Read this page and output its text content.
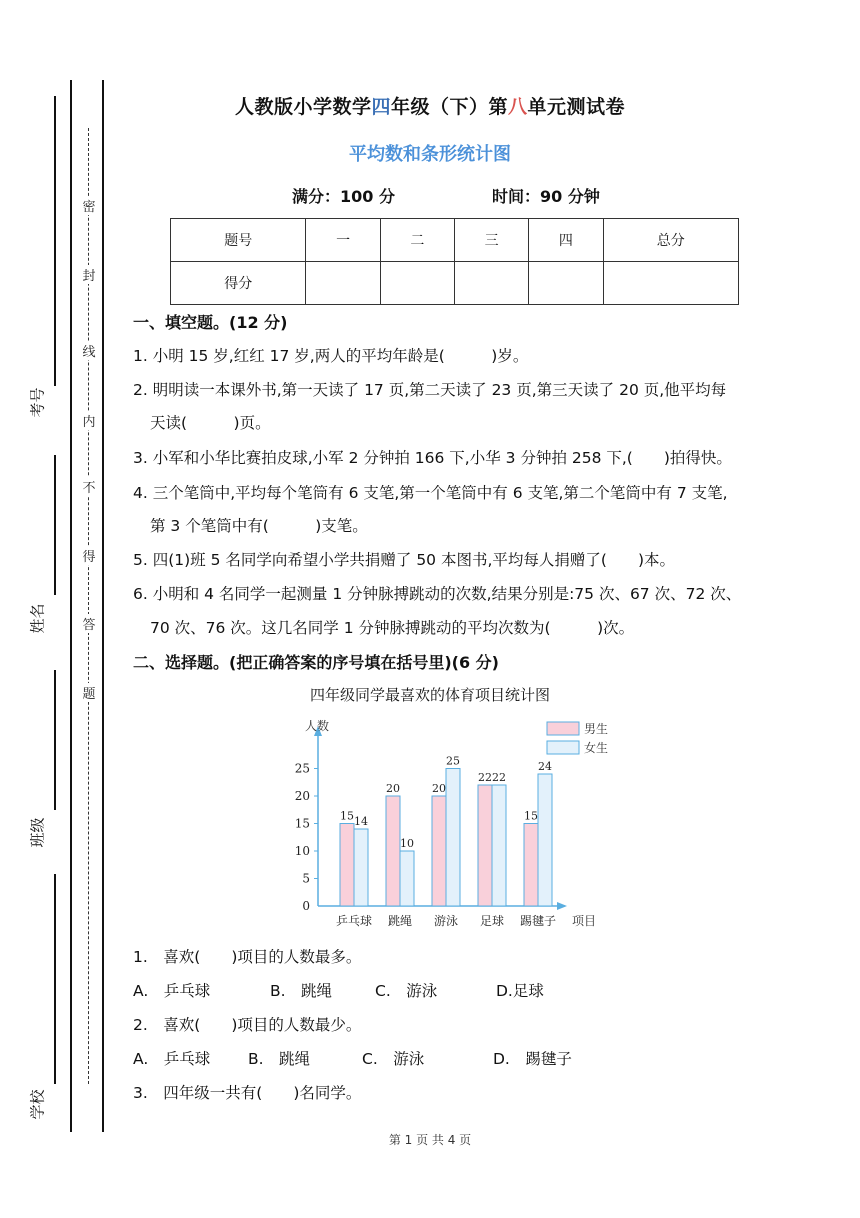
密
封
线
内
不
得
答
题
考号
姓名
班级
学校
人教版小学数学四年级（下）第八单元测试卷
平均数和条形统计图
满分：100 分	时间：90 分钟
题号	一	二	三	四	总分
得分					
一、填空题。(12 分)
1. 小明 15 岁,红红 17 岁,两人的平均年龄是(　　　)岁。
2. 明明读一本课外书,第一天读了 17 页,第二天读了 23 页,第三天读了 20 页,他平均每
天读(　　　)页。
3. 小军和小华比赛拍皮球,小军 2 分钟拍 166 下,小华 3 分钟拍 258 下,(　　)拍得快。
4. 三个笔筒中,平均每个笔筒有 6 支笔,第一个笔筒中有 6 支笔,第二个笔筒中有 7 支笔,
第 3 个笔筒中有(　　　)支笔。
5. 四(1)班 5 名同学向希望小学共捐赠了 50 本图书,平均每人捐赠了(　　)本。
6. 小明和 4 名同学一起测量 1 分钟脉搏跳动的次数,结果分别是:75 次、67 次、72 次、
70 次、76 次。这几名同学 1 分钟脉搏跳动的平均次数为(　　　)次。
二、选择题。(把正确答案的序号填在括号里)(6 分)
四年级同学最喜欢的体育项目统计图
人数
项目
0
5
10
15
20
25
15 14
乒乓球
20
10
跳绳
20
25
游泳
22 22
足球
15
24
踢毽子
男生
女生
1.　喜欢(　　)项目的人数最多。
A.　乒乓球	B.　跳绳	C.　游泳	D.足球
2.　喜欢(　　)项目的人数最少。
A.　乒乓球 B.　跳绳	C.　游泳	D.　踢毽子
3.　四年级一共有(　　)名同学。
第 1 页 共 4 页
